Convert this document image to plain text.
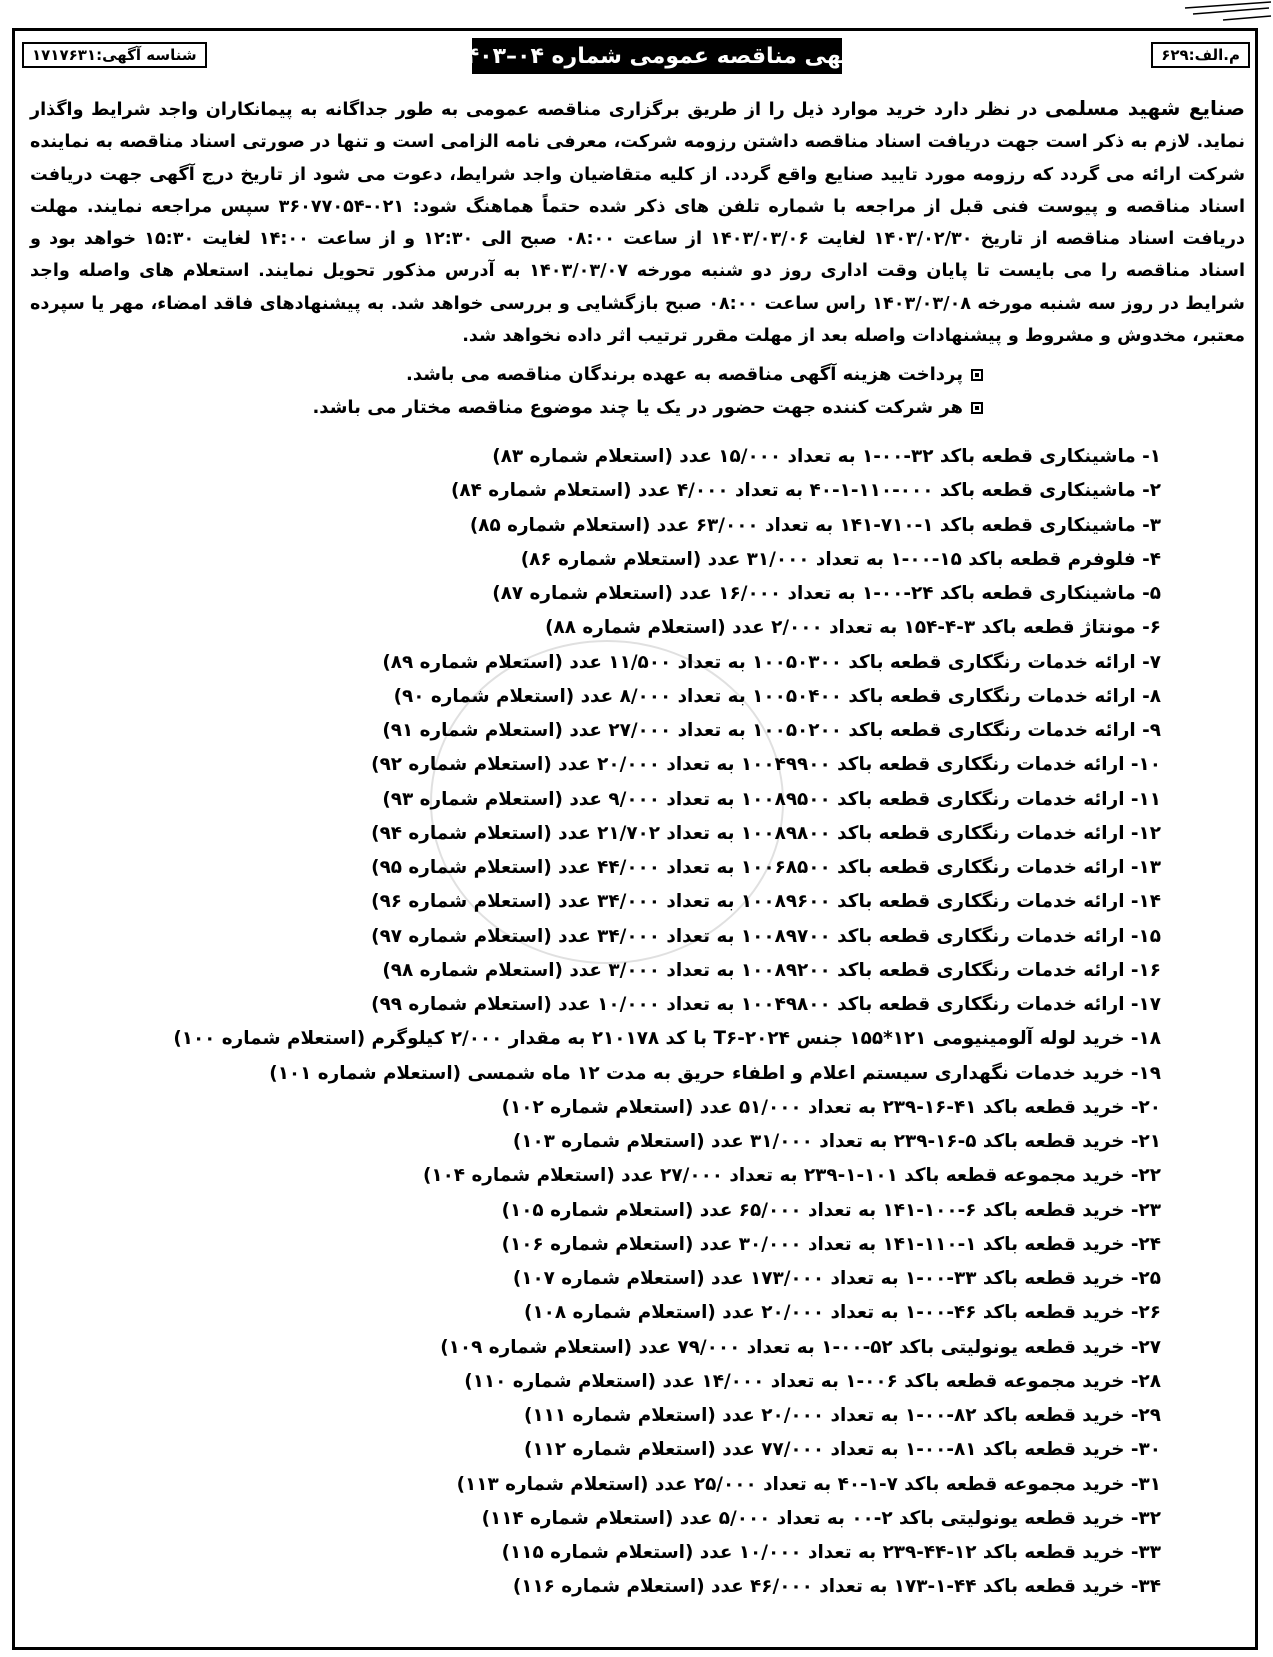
شناسه آگهی:۱۷۱۷۶۳۱	آگهی مناقصه عمومی شماره ۰۴–۱۴۰۳	م.الف:۶۲۹
صنایع شهید مسلمی در نظر دارد خرید موارد ذیل را از طریق برگزاری مناقصه عمومی به طور جداگانه به پیمانکاران واجد شرایط واگذار نماید. لازم به ذکر است جهت دریافت اسناد مناقصه داشتن رزومه شرکت، معرفی نامه الزامی است و تنها در صورتی اسناد مناقصه به نماینده شرکت ارائه می گردد که رزومه مورد تایید صنایع واقع گردد. از کلیه متقاضیان واجد شرایط، دعوت می شود از تاریخ درج آگهی جهت دریافت اسناد مناقصه و پیوست فنی قبل از مراجعه با شماره تلفن های ذکر شده حتماً هماهنگ شود: ۰۲۱-۳۶۰۷۷۰۵۴ سپس مراجعه نمایند. مهلت دریافت اسناد مناقصه از تاریخ ۱۴۰۳/۰۲/۳۰ لغایت ۱۴۰۳/۰۳/۰۶ از ساعت ۰۸:۰۰ صبح الی ۱۲:۳۰ و از ساعت ۱۴:۰۰ لغایت ۱۵:۳۰ خواهد بود و اسناد مناقصه را می بایست تا پایان وقت اداری روز دو شنبه مورخه ۱۴۰۳/۰۳/۰۷ به آدرس مذکور تحویل نمایند. استعلام های واصله واجد شرایط در روز سه شنبه مورخه ۱۴۰۳/۰۳/۰۸ راس ساعت ۰۸:۰۰ صبح بازگشایی و بررسی خواهد شد. به پیشنهادهای فاقد امضاء، مهر یا سپرده معتبر، مخدوش و مشروط و پیشنهادات واصله بعد از مهلت مقرر ترتیب اثر داده نخواهد شد.
پرداخت هزینه آگهی مناقصه به عهده برندگان مناقصه می باشد.
هر شرکت کننده جهت حضور در یک یا چند موضوع مناقصه مختار می باشد.
۱- ماشینکاری قطعه باکد ۳۲-۰۰-۱ به تعداد ۱۵/۰۰۰ عدد (استعلام شماره ۸۳)
۲- ماشینکاری قطعه باکد ۰۰۰-۱۱۰-۱-۴۰ به تعداد ۴/۰۰۰ عدد (استعلام شماره ۸۴)
۳- ماشینکاری قطعه باکد ۱-۷۱۰-۱۴۱ به تعداد ۶۳/۰۰۰ عدد (استعلام شماره ۸۵)
۴- فلوفرم قطعه باکد ۱۵-۰۰-۱ به تعداد ۳۱/۰۰۰ عدد (استعلام شماره ۸۶)
۵- ماشینکاری قطعه باکد ۲۴-۰۰-۱ به تعداد ۱۶/۰۰۰ عدد (استعلام شماره ۸۷)
۶- مونتاژ قطعه باکد ۳-۴-۱۵۴ به تعداد ۲/۰۰۰ عدد (استعلام شماره ۸۸)
۷- ارائه خدمات رنگکاری قطعه باکد ۱۰۰۵۰۳۰۰ به تعداد ۱۱/۵۰۰ عدد (استعلام شماره ۸۹)
۸- ارائه خدمات رنگکاری قطعه باکد ۱۰۰۵۰۴۰۰ به تعداد ۸/۰۰۰ عدد (استعلام شماره ۹۰)
۹- ارائه خدمات رنگکاری قطعه باکد ۱۰۰۵۰۲۰۰ به تعداد ۲۷/۰۰۰ عدد (استعلام شماره ۹۱)
۱۰- ارائه خدمات رنگکاری قطعه باکد ۱۰۰۴۹۹۰۰ به تعداد ۲۰/۰۰۰ عدد (استعلام شماره ۹۲)
۱۱- ارائه خدمات رنگکاری قطعه باکد ۱۰۰۸۹۵۰۰ به تعداد ۹/۰۰۰ عدد (استعلام شماره ۹۳)
۱۲- ارائه خدمات رنگکاری قطعه باکد ۱۰۰۸۹۸۰۰ به تعداد ۲۱/۷۰۲ عدد (استعلام شماره ۹۴)
۱۳- ارائه خدمات رنگکاری قطعه باکد ۱۰۰۶۸۵۰۰ به تعداد ۴۴/۰۰۰ عدد (استعلام شماره ۹۵)
۱۴- ارائه خدمات رنگکاری قطعه باکد ۱۰۰۸۹۶۰۰ به تعداد ۳۴/۰۰۰ عدد (استعلام شماره ۹۶)
۱۵- ارائه خدمات رنگکاری قطعه باکد ۱۰۰۸۹۷۰۰ به تعداد ۳۴/۰۰۰ عدد (استعلام شماره ۹۷)
۱۶- ارائه خدمات رنگکاری قطعه باکد ۱۰۰۸۹۲۰۰ به تعداد ۳/۰۰۰ عدد (استعلام شماره ۹۸)
۱۷- ارائه خدمات رنگکاری قطعه باکد ۱۰۰۴۹۸۰۰ به تعداد ۱۰/۰۰۰ عدد (استعلام شماره ۹۹)
۱۸- خرید لوله آلومینیومی ۱۲۱*۱۵۵ جنس ۲۰۲۴-T۶ با کد ۲۱۰۱۷۸ به مقدار ۲/۰۰۰ کیلوگرم (استعلام شماره ۱۰۰)
۱۹- خرید خدمات نگهداری سیستم اعلام و اطفاء حریق به مدت ۱۲ ماه شمسی (استعلام شماره ۱۰۱)
۲۰- خرید قطعه باکد ۴۱-۱۶-۲۳۹ به تعداد ۵۱/۰۰۰ عدد (استعلام شماره ۱۰۲)
۲۱- خرید قطعه باکد ۵-۱۶-۲۳۹ به تعداد ۳۱/۰۰۰ عدد (استعلام شماره ۱۰۳)
۲۲- خرید مجموعه قطعه باکد ۱۰۱-۱-۲۳۹ به تعداد ۲۷/۰۰۰ عدد (استعلام شماره ۱۰۴)
۲۳- خرید قطعه باکد ۶-۱۰۰-۱۴۱ به تعداد ۶۵/۰۰۰ عدد (استعلام شماره ۱۰۵)
۲۴- خرید قطعه باکد ۱-۱۱۰-۱۴۱ به تعداد ۳۰/۰۰۰ عدد (استعلام شماره ۱۰۶)
۲۵- خرید قطعه باکد ۳۳-۰۰-۱ به تعداد ۱۷۳/۰۰۰ عدد (استعلام شماره ۱۰۷)
۲۶- خرید قطعه باکد ۴۶-۰۰-۱ به تعداد ۲۰/۰۰۰ عدد (استعلام شماره ۱۰۸)
۲۷- خرید قطعه یونولیتی باکد ۵۲-۰۰-۱ به تعداد ۷۹/۰۰۰ عدد (استعلام شماره ۱۰۹)
۲۸- خرید مجموعه قطعه باکد ۰۰۶-۱ به تعداد ۱۴/۰۰۰ عدد (استعلام شماره ۱۱۰)
۲۹- خرید قطعه باکد ۸۲-۰۰-۱ به تعداد ۲۰/۰۰۰ عدد (استعلام شماره ۱۱۱)
۳۰- خرید قطعه باکد ۸۱-۰۰-۱ به تعداد ۷۷/۰۰۰ عدد (استعلام شماره ۱۱۲)
۳۱- خرید مجموعه قطعه باکد ۷-۱-۴۰ به تعداد ۲۵/۰۰۰ عدد (استعلام شماره ۱۱۳)
۳۲- خرید قطعه یونولیتی باکد ۲-۰۰ به تعداد ۵/۰۰۰ عدد (استعلام شماره ۱۱۴)
۳۳- خرید قطعه باکد ۱۲-۴۴-۲۳۹ به تعداد ۱۰/۰۰۰ عدد (استعلام شماره ۱۱۵)
۳۴- خرید قطعه باکد ۴۴-۱-۱۷۳ به تعداد ۴۶/۰۰۰ عدد (استعلام شماره ۱۱۶)
